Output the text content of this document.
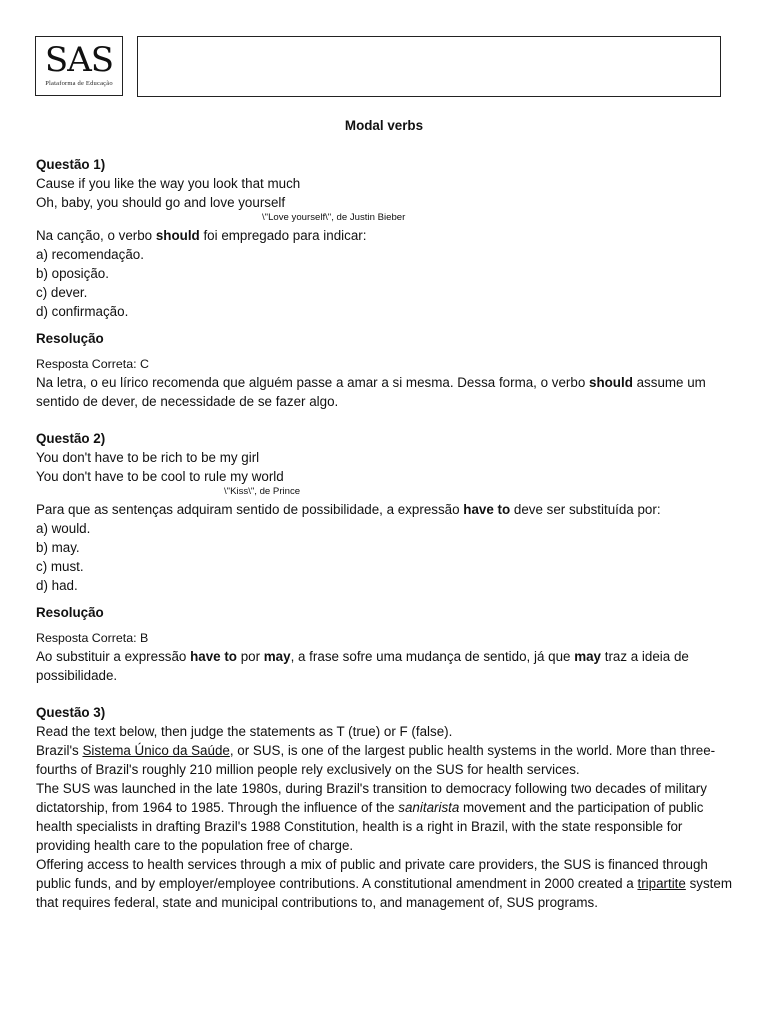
SAS
Plataforma de Educação

Modal verbs

Questão 1)

Cause if you like the way you look that much

Oh, baby, you should go and love yourself

\"Love yourself\", de Justin Bieber

Na canção, o verbo should foi empregado para indicar:

a) recomendação.

b) oposição.

c) dever.

d) confirmação.

Resolução

Resposta Correta: C

Na letra, o eu lírico recomenda que alguém passe a amar a si mesma. Dessa forma, o verbo should assume um sentido de dever, de necessidade de se fazer algo.

Questão 2)

You don't have to be rich to be my girl

You don't have to be cool to rule my world

\"Kiss\", de Prince

Para que as sentenças adquiram sentido de possibilidade, a expressão have to deve ser substituída por:

a) would.

b) may.

c) must.

d) had.

Resolução

Resposta Correta: B

Ao substituir a expressão have to por may, a frase sofre uma mudança de sentido, já que may traz a ideia de possibilidade.

Questão 3)

Read the text below, then judge the statements as T (true) or F (false).

Brazil's Sistema Único da Saúde, or SUS, is one of the largest public health systems in the world. More than three-fourths of Brazil's roughly 210 million people rely exclusively on the SUS for health services.

The SUS was launched in the late 1980s, during Brazil's transition to democracy following two decades of military dictatorship, from 1964 to 1985. Through the influence of the sanitarista movement and the participation of public health specialists in drafting Brazil's 1988 Constitution, health is a right in Brazil, with the state responsible for providing health care to the population free of charge.

Offering access to health services through a mix of public and private care providers, the SUS is financed through public funds, and by employer/employee contributions. A constitutional amendment in 2000 created a tripartite system that requires federal, state and municipal contributions to, and management of, SUS programs.
